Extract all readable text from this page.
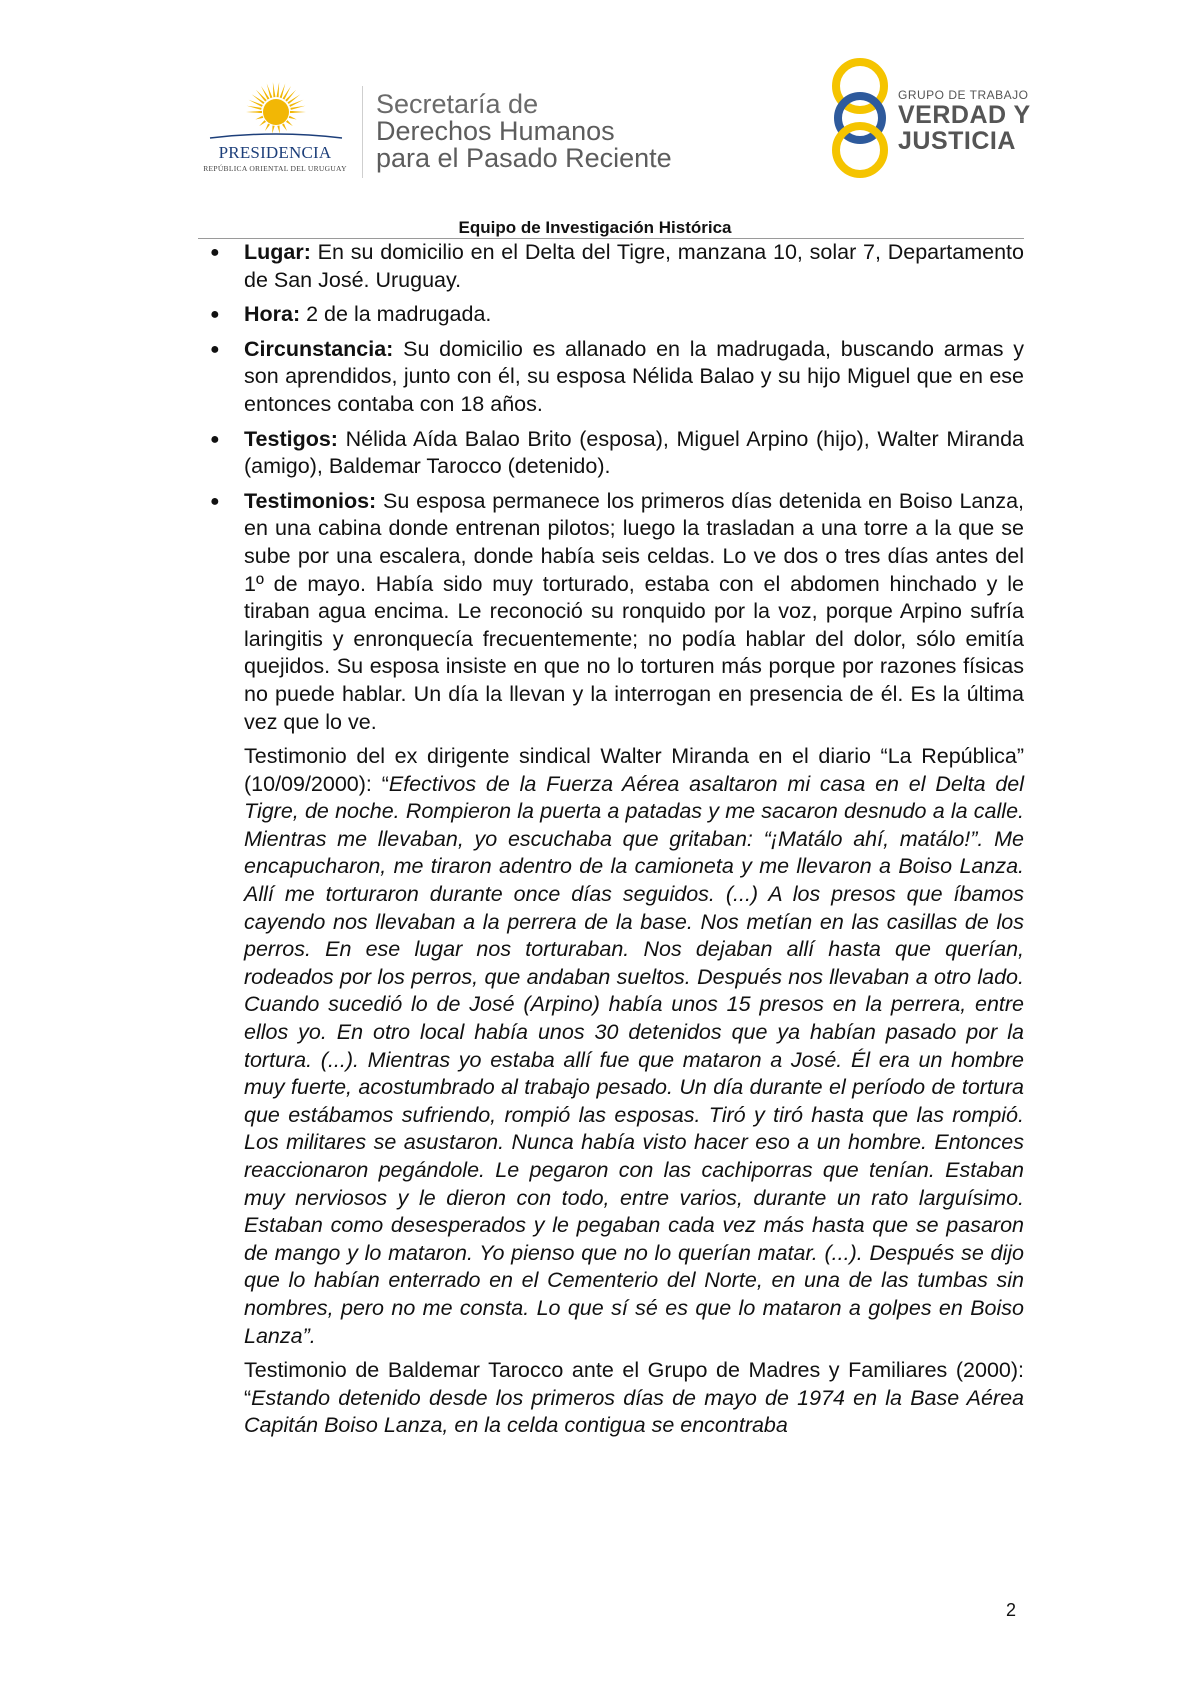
PRESIDENCIA
REPÚBLICA ORIENTAL DEL URUGUAY
Secretaría de
Derechos Humanos
para el Pasado Reciente
GRUPO DE TRABAJO
VERDAD Y
JUSTICIA
Equipo de Investigación Histórica
● Lugar: En su domicilio en el Delta del Tigre, manzana 10, solar 7, Departamento de San José. Uruguay.
● Hora: 2 de la madrugada.
● Circunstancia: Su domicilio es allanado en la madrugada, buscando armas y son aprendidos, junto con él, su esposa Nélida Balao y su hijo Miguel que en ese entonces contaba con 18 años.
● Testigos: Nélida Aída Balao Brito (esposa), Miguel Arpino (hijo), Walter Miranda (amigo), Baldemar Tarocco (detenido).
● Testimonios: Su esposa permanece los primeros días detenida en Boiso Lanza, en una cabina donde entrenan pilotos; luego la trasladan a una torre a la que se sube por una escalera, donde había seis celdas. Lo ve dos o tres días antes del 1º de mayo. Había sido muy torturado, estaba con el abdomen hinchado y le tiraban agua encima. Le reconoció su ronquido por la voz, porque Arpino sufría laringitis y enronquecía frecuentemente; no podía hablar del dolor, sólo emitía quejidos. Su esposa insiste en que no lo torturen más porque por razones físicas no puede hablar. Un día la llevan y la interrogan en presencia de él. Es la última vez que lo ve.
Testimonio del ex dirigente sindical Walter Miranda en el diario “La República” (10/09/2000): “Efectivos de la Fuerza Aérea asaltaron mi casa en el Delta del Tigre, de noche. Rompieron la puerta a patadas y me sacaron desnudo a la calle. Mientras me llevaban, yo escuchaba que gritaban: “¡Matálo ahí, matálo!”. Me encapucharon, me tiraron adentro de la camioneta y me llevaron a Boiso Lanza. Allí me torturaron durante once días seguidos. (...) A los presos que íbamos cayendo nos llevaban a la perrera de la base. Nos metían en las casillas de los perros. En ese lugar nos torturaban. Nos dejaban allí hasta que querían, rodeados por los perros, que andaban sueltos. Después nos llevaban a otro lado. Cuando sucedió lo de José (Arpino) había unos 15 presos en la perrera, entre ellos yo. En otro local había unos 30 detenidos que ya habían pasado por la tortura. (...). Mientras yo estaba allí fue que mataron a José. Él era un hombre muy fuerte, acostumbrado al trabajo pesado. Un día durante el período de tortura que estábamos sufriendo, rompió las esposas. Tiró y tiró hasta que las rompió. Los militares se asustaron. Nunca había visto hacer eso a un hombre. Entonces reaccionaron pegándole. Le pegaron con las cachiporras que tenían. Estaban muy nerviosos y le dieron con todo, entre varios, durante un rato larguísimo. Estaban como desesperados y le pegaban cada vez más hasta que se pasaron de mango y lo mataron. Yo pienso que no lo querían matar. (...). Después se dijo que lo habían enterrado en el Cementerio del Norte, en una de las tumbas sin nombres, pero no me consta. Lo que sí sé es que lo mataron a golpes en Boiso Lanza”.
Testimonio de Baldemar Tarocco ante el Grupo de Madres y Familiares (2000): “Estando detenido desde los primeros días de mayo de 1974 en la Base Aérea Capitán Boiso Lanza, en la celda contigua se encontraba
2
